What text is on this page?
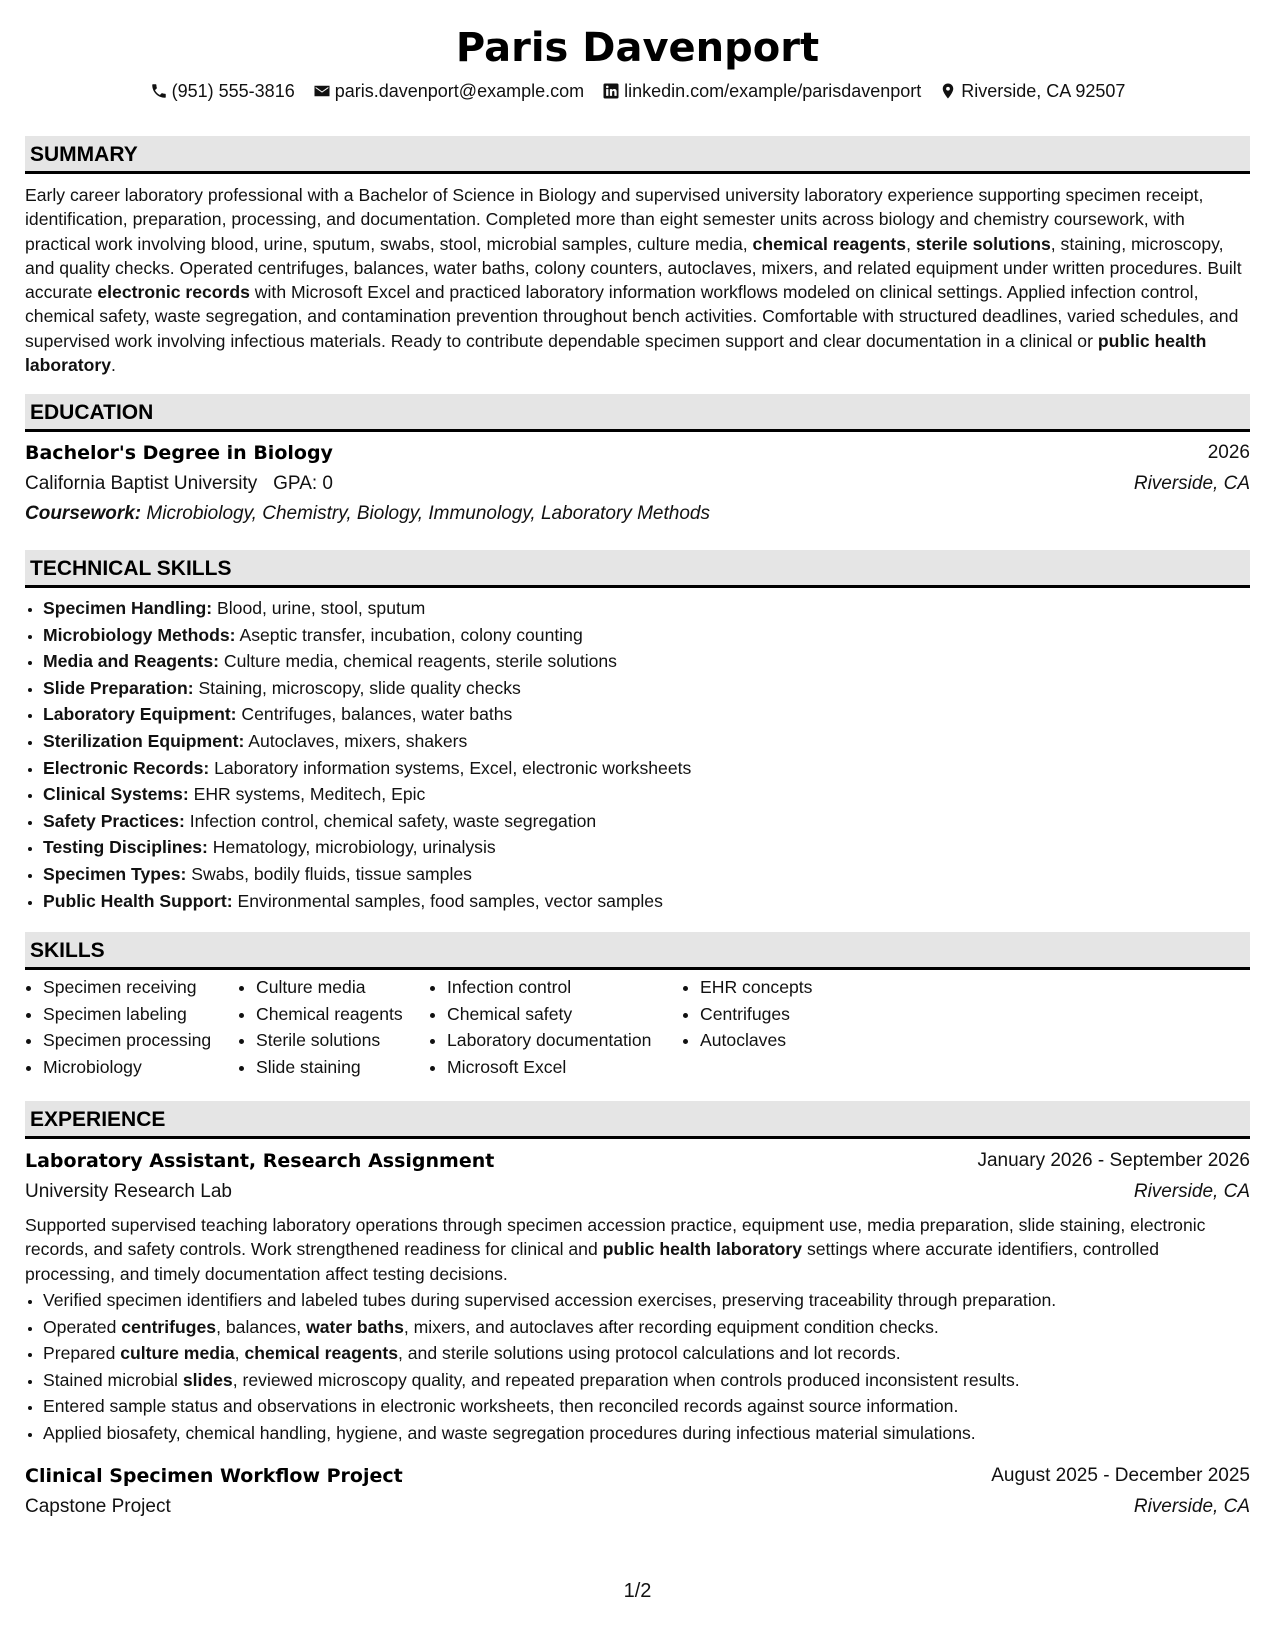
Paris Davenport
(951) 555-3816 paris.davenport@example.com linkedin.com/example/parisdavenport Riverside, CA 92507
SUMMARY

Early career laboratory professional with a Bachelor of Science in Biology and supervised university laboratory experience supporting specimen receipt, identification, preparation, processing, and documentation. Completed more than eight semester units across biology and chemistry coursework, with practical work involving blood, urine, sputum, swabs, stool, microbial samples, culture media, chemical reagents, sterile solutions, staining, microscopy, and quality checks. Operated centrifuges, balances, water baths, colony counters, autoclaves, mixers, and related equipment under written procedures. Built accurate electronic records with Microsoft Excel and practiced laboratory information workflows modeled on clinical settings. Applied infection control, chemical safety, waste segregation, and contamination prevention throughout bench activities. Comfortable with structured deadlines, varied schedules, and supervised work involving infectious materials. Ready to contribute dependable specimen support and clear documentation in a clinical or public health laboratory.

EDUCATION
Bachelor's Degree in Biology	2026
California Baptist University GPA: 0	Riverside, CA
Coursework: Microbiology, Chemistry, Biology, Immunology, Laboratory Methods
TECHNICAL SKILLS
• Specimen Handling: Blood, urine, stool, sputum
• Microbiology Methods: Aseptic transfer, incubation, colony counting
• Media and Reagents: Culture media, chemical reagents, sterile solutions
• Slide Preparation: Staining, microscopy, slide quality checks
• Laboratory Equipment: Centrifuges, balances, water baths
• Sterilization Equipment: Autoclaves, mixers, shakers
• Electronic Records: Laboratory information systems, Excel, electronic worksheets
• Clinical Systems: EHR systems, Meditech, Epic
• Safety Practices: Infection control, chemical safety, waste segregation
• Testing Disciplines: Hematology, microbiology, urinalysis
• Specimen Types: Swabs, bodily fluids, tissue samples
• Public Health Support: Environmental samples, food samples, vector samples
SKILLS
• Specimen receiving
• Specimen labeling
• Specimen processing
• Microbiology
• Culture media
• Chemical reagents
• Sterile solutions
• Slide staining
• Infection control
• Chemical safety
• Laboratory documentation
• Microsoft Excel
• EHR concepts
• Centrifuges
• Autoclaves
EXPERIENCE
Laboratory Assistant, Research Assignment	January 2026 - September 2026
University Research Lab	Riverside, CA

Supported supervised teaching laboratory operations through specimen accession practice, equipment use, media preparation, slide staining, electronic records, and safety controls. Work strengthened readiness for clinical and public health laboratory settings where accurate identifiers, controlled processing, and timely documentation affect testing decisions.

• Verified specimen identifiers and labeled tubes during supervised accession exercises, preserving traceability through preparation.
• Operated centrifuges, balances, water baths, mixers, and autoclaves after recording equipment condition checks.
• Prepared culture media, chemical reagents, and sterile solutions using protocol calculations and lot records.
• Stained microbial slides, reviewed microscopy quality, and repeated preparation when controls produced inconsistent results.
• Entered sample status and observations in electronic worksheets, then reconciled records against source information.
• Applied biosafety, chemical handling, hygiene, and waste segregation procedures during infectious material simulations.
Clinical Specimen Workflow Project	August 2025 - December 2025
Capstone Project	Riverside, CA
1/2
